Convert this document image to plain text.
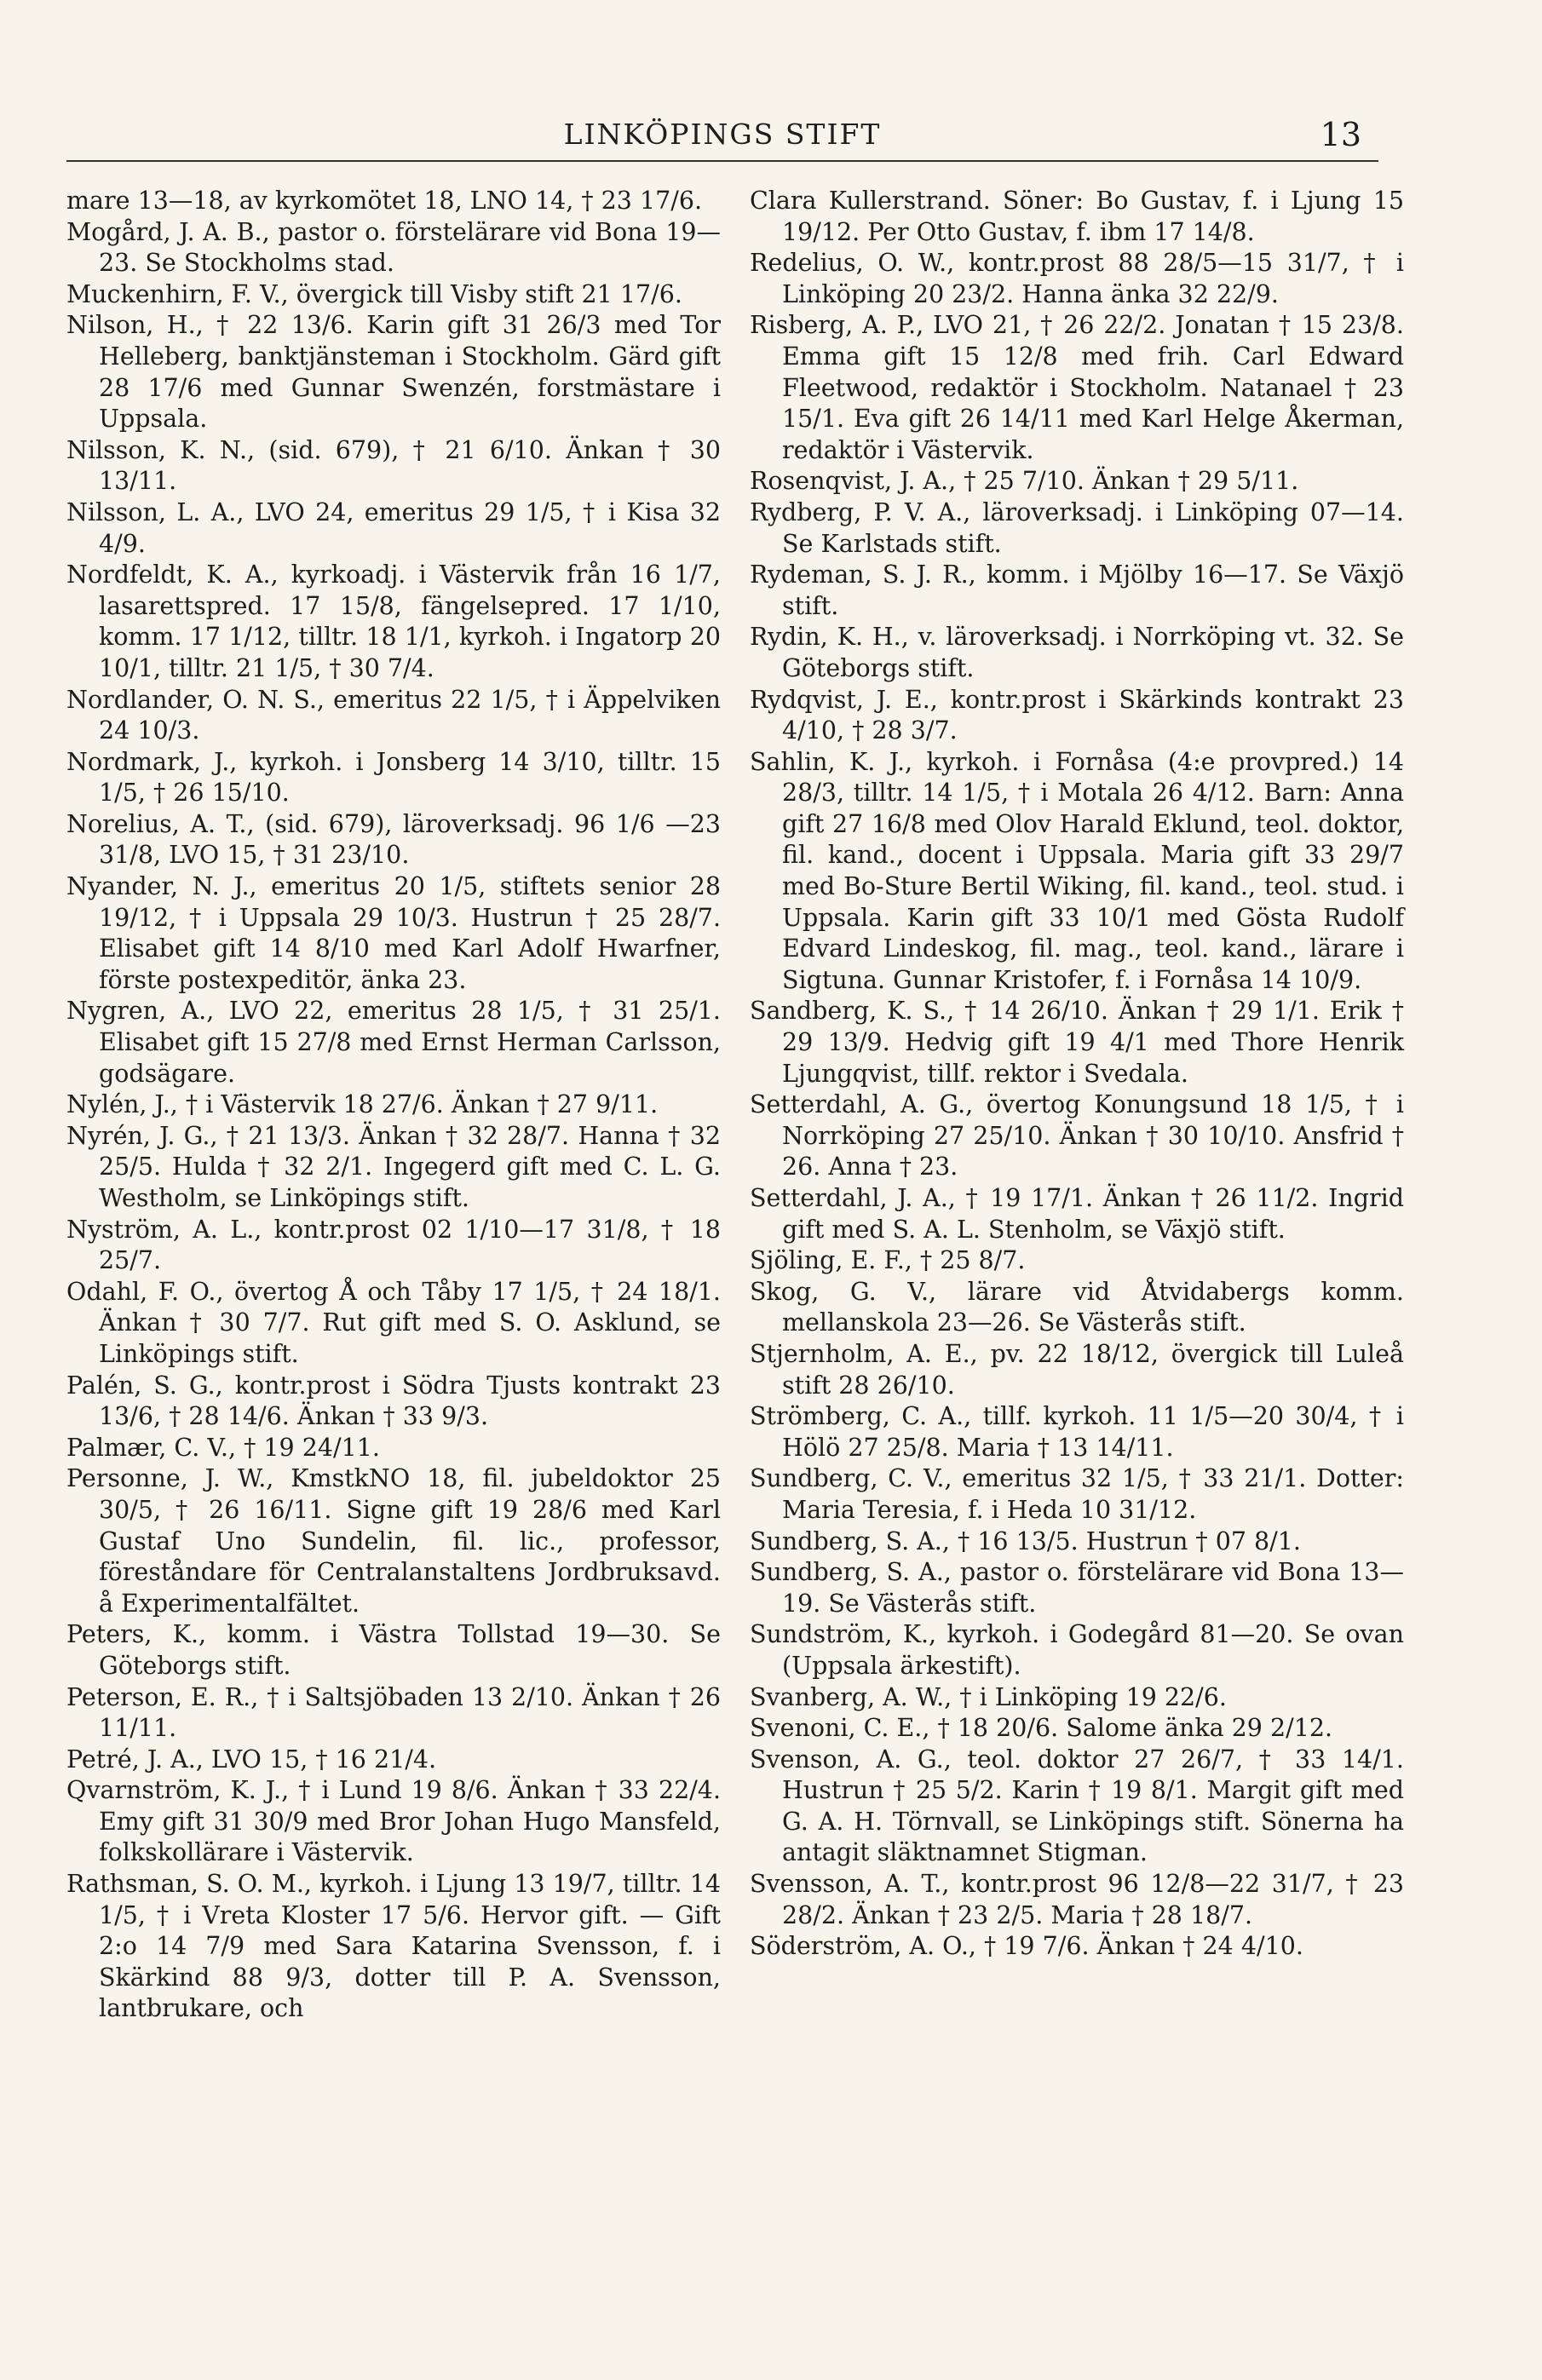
LINKÖPINGS STIFT	13

mare 13—18, av kyrkomötet 18, LNO 14, † 23 17/6.

Mogård, J. A. B., pastor o. förstelärare vid Bona 19—23. Se Stockholms stad.

Muckenhirn, F. V., övergick till Visby stift 21 17/6.

Nilson, H., † 22 13/6. Karin gift 31 26/3 med Tor Helleberg, banktjänsteman i Stockholm. Gärd gift 28 17/6 med Gunnar Swenzén, forstmästare i Uppsala.

Nilsson, K. N., (sid. 679), † 21 6/10. Änkan † 30 13/11.

Nilsson, L. A., LVO 24, emeritus 29 1/5, † i Kisa 32 4/9.

Nordfeldt, K. A., kyrkoadj. i Västervik från 16 1/7, lasarettspred. 17 15/8, fängelsepred. 17 1/10, komm. 17 1/12, tilltr. 18 1/1, kyrkoh. i Ingatorp 20 10/1, tilltr. 21 1/5, † 30 7/4.

Nordlander, O. N. S., emeritus 22 1/5, † i Äppelviken 24 10/3.

Nordmark, J., kyrkoh. i Jonsberg 14 3/10, tilltr. 15 1/5, † 26 15/10.

Norelius, A. T., (sid. 679), läroverksadj. 96 1/6 —23 31/8, LVO 15, † 31 23/10.

Nyander, N. J., emeritus 20 1/5, stiftets senior 28 19/12, † i Uppsala 29 10/3. Hustrun † 25 28/7. Elisabet gift 14 8/10 med Karl Adolf Hwarfner, förste postexpeditör, änka 23.

Nygren, A., LVO 22, emeritus 28 1/5, † 31 25/1. Elisabet gift 15 27/8 med Ernst Herman Carlsson, godsägare.

Nylén, J., † i Västervik 18 27/6. Änkan † 27 9/11.

Nyrén, J. G., † 21 13/3. Änkan † 32 28/7. Hanna † 32 25/5. Hulda † 32 2/1. Ingegerd gift med C. L. G. Westholm, se Linköpings stift.

Nyström, A. L., kontr.prost 02 1/10—17 31/8, † 18 25/7.

Odahl, F. O., övertog Å och Tåby 17 1/5, † 24 18/1. Änkan † 30 7/7. Rut gift med S. O. Asklund, se Linköpings stift.

Palén, S. G., kontr.prost i Södra Tjusts kontrakt 23 13/6, † 28 14/6. Änkan † 33 9/3.

Palmær, C. V., † 19 24/11.

Personne, J. W., KmstkNO 18, fil. jubeldoktor 25 30/5, † 26 16/11. Signe gift 19 28/6 med Karl Gustaf Uno Sundelin, fil. lic., professor, föreståndare för Centralanstaltens Jordbruksavd. å Experimentalfältet.

Peters, K., komm. i Västra Tollstad 19—30. Se Göteborgs stift.

Peterson, E. R., † i Saltsjöbaden 13 2/10. Änkan † 26 11/11.

Petré, J. A., LVO 15, † 16 21/4.

Qvarnström, K. J., † i Lund 19 8/6. Änkan † 33 22/4. Emy gift 31 30/9 med Bror Johan Hugo Mansfeld, folkskollärare i Västervik.

Rathsman, S. O. M., kyrkoh. i Ljung 13 19/7, tilltr. 14 1/5, † i Vreta Kloster 17 5/6. Hervor gift. — Gift 2:o 14 7/9 med Sara Katarina Svensson, f. i Skärkind 88 9/3, dotter till P. A. Svensson, lantbrukare, och

Clara Kullerstrand. Söner: Bo Gustav, f. i Ljung 15 19/12. Per Otto Gustav, f. ibm 17 14/8.

Redelius, O. W., kontr.prost 88 28/5—15 31/7, † i Linköping 20 23/2. Hanna änka 32 22/9.

Risberg, A. P., LVO 21, † 26 22/2. Jonatan † 15 23/8. Emma gift 15 12/8 med frih. Carl Edward Fleetwood, redaktör i Stockholm. Natanael † 23 15/1. Eva gift 26 14/11 med Karl Helge Åkerman, redaktör i Västervik.

Rosenqvist, J. A., † 25 7/10. Änkan † 29 5/11.

Rydberg, P. V. A., läroverksadj. i Linköping 07—14. Se Karlstads stift.

Rydeman, S. J. R., komm. i Mjölby 16—17. Se Växjö stift.

Rydin, K. H., v. läroverksadj. i Norrköping vt. 32. Se Göteborgs stift.

Rydqvist, J. E., kontr.prost i Skärkinds kontrakt 23 4/10, † 28 3/7.

Sahlin, K. J., kyrkoh. i Fornåsa (4:e provpred.) 14 28/3, tilltr. 14 1/5, † i Motala 26 4/12. Barn: Anna gift 27 16/8 med Olov Harald Eklund, teol. doktor, fil. kand., docent i Uppsala. Maria gift 33 29/7 med Bo-Sture Bertil Wiking, fil. kand., teol. stud. i Uppsala. Karin gift 33 10/1 med Gösta Rudolf Edvard Lindeskog, fil. mag., teol. kand., lärare i Sigtuna. Gunnar Kristofer, f. i Fornåsa 14 10/9.

Sandberg, K. S., † 14 26/10. Änkan † 29 1/1. Erik † 29 13/9. Hedvig gift 19 4/1 med Thore Henrik Ljungqvist, tillf. rektor i Svedala.

Setterdahl, A. G., övertog Konungsund 18 1/5, † i Norrköping 27 25/10. Änkan † 30 10/10. Ansfrid † 26. Anna † 23.

Setterdahl, J. A., † 19 17/1. Änkan † 26 11/2. Ingrid gift med S. A. L. Stenholm, se Växjö stift.

Sjöling, E. F., † 25 8/7.

Skog, G. V., lärare vid Åtvidabergs komm. mellanskola 23—26. Se Västerås stift.

Stjernholm, A. E., pv. 22 18/12, övergick till Luleå stift 28 26/10.

Strömberg, C. A., tillf. kyrkoh. 11 1/5—20 30/4, † i Hölö 27 25/8. Maria † 13 14/11.

Sundberg, C. V., emeritus 32 1/5, † 33 21/1. Dotter: Maria Teresia, f. i Heda 10 31/12.

Sundberg, S. A., † 16 13/5. Hustrun † 07 8/1.

Sundberg, S. A., pastor o. förstelärare vid Bona 13—19. Se Västerås stift.

Sundström, K., kyrkoh. i Godegård 81—20. Se ovan (Uppsala ärkestift).

Svanberg, A. W., † i Linköping 19 22/6.

Svenoni, C. E., † 18 20/6. Salome änka 29 2/12.

Svenson, A. G., teol. doktor 27 26/7, † 33 14/1. Hustrun † 25 5/2. Karin † 19 8/1. Margit gift med G. A. H. Törnvall, se Linköpings stift. Sönerna ha antagit släktnamnet Stigman.

Svensson, A. T., kontr.prost 96 12/8—22 31/7, † 23 28/2. Änkan † 23 2/5. Maria † 28 18/7.

Söderström, A. O., † 19 7/6. Änkan † 24 4/10.
